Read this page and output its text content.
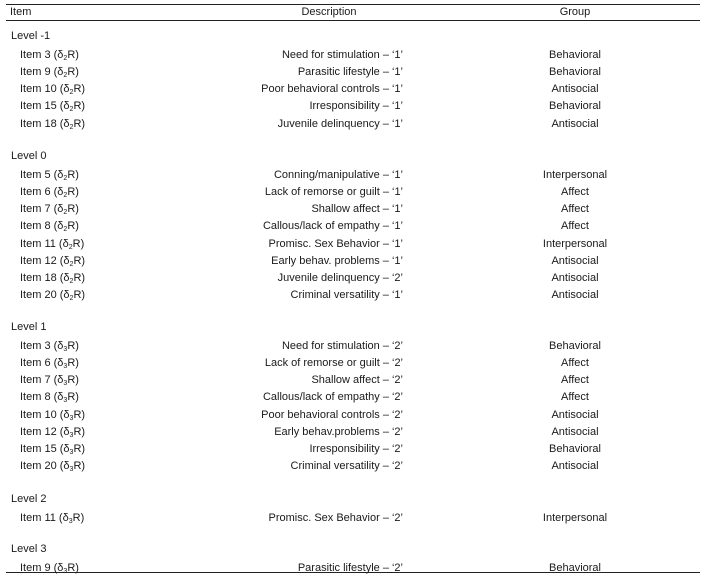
Item	Description	Group
Level -1
Item 3 $(\delta_2R)$	Need for stimulation – ‘1’	Behavioral
Item 9 $(\delta_2R)$	Parasitic lifestyle – ‘1’	Behavioral
Item 10 $(\delta_2R)$	Poor behavioral controls – ‘1’	Antisocial
Item 15 $(\delta_2R)$	Irresponsibility – ‘1’	Behavioral
Item 18 $(\delta_2R)$	Juvenile delinquency – ‘1’	Antisocial
Level 0
Item 5 $(\delta_2R)$	Conning/manipulative – ‘1’	Interpersonal
Item 6 $(\delta_2R)$	Lack of remorse or guilt – ‘1’	Affect
Item 7 $(\delta_2R)$	Shallow affect – ‘1’	Affect
Item 8 $(\delta_2R)$	Callous/lack of empathy – ‘1’	Affect
Item 11 $(\delta_2R)$	Promisc. Sex Behavior – ‘1’	Interpersonal
Item 12 $(\delta_2R)$	Early behav. problems – ‘1’	Antisocial
Item 18 $(\delta_2R)$	Juvenile delinquency – ‘2’	Antisocial
Item 20 $(\delta_2R)$	Criminal versatility – ‘1’	Antisocial
Level 1
Item 3 $(\delta_3R)$	Need for stimulation – ‘2’	Behavioral
Item 6 $(\delta_3R)$	Lack of remorse or guilt – ‘2’	Affect
Item 7 $(\delta_3R)$	Shallow affect – ‘2’	Affect
Item 8 $(\delta_3R)$	Callous/lack of empathy – ‘2’	Affect
Item 10 $(\delta_3R)$	Poor behavioral controls – ‘2’	Antisocial
Item 12 $(\delta_3R)$	Early behav.problems – ‘2’	Antisocial
Item 15 $(\delta_3R)$	Irresponsibility – ‘2’	Behavioral
Item 20 $(\delta_3R)$	Criminal versatility – ‘2’	Antisocial
Level 2
Item 11 $(\delta_3R)$	Promisc. Sex Behavior – ‘2’	Interpersonal
Level 3
Item 9 $(\delta_3R)$	Parasitic lifestyle – ‘2’	Behavioral
